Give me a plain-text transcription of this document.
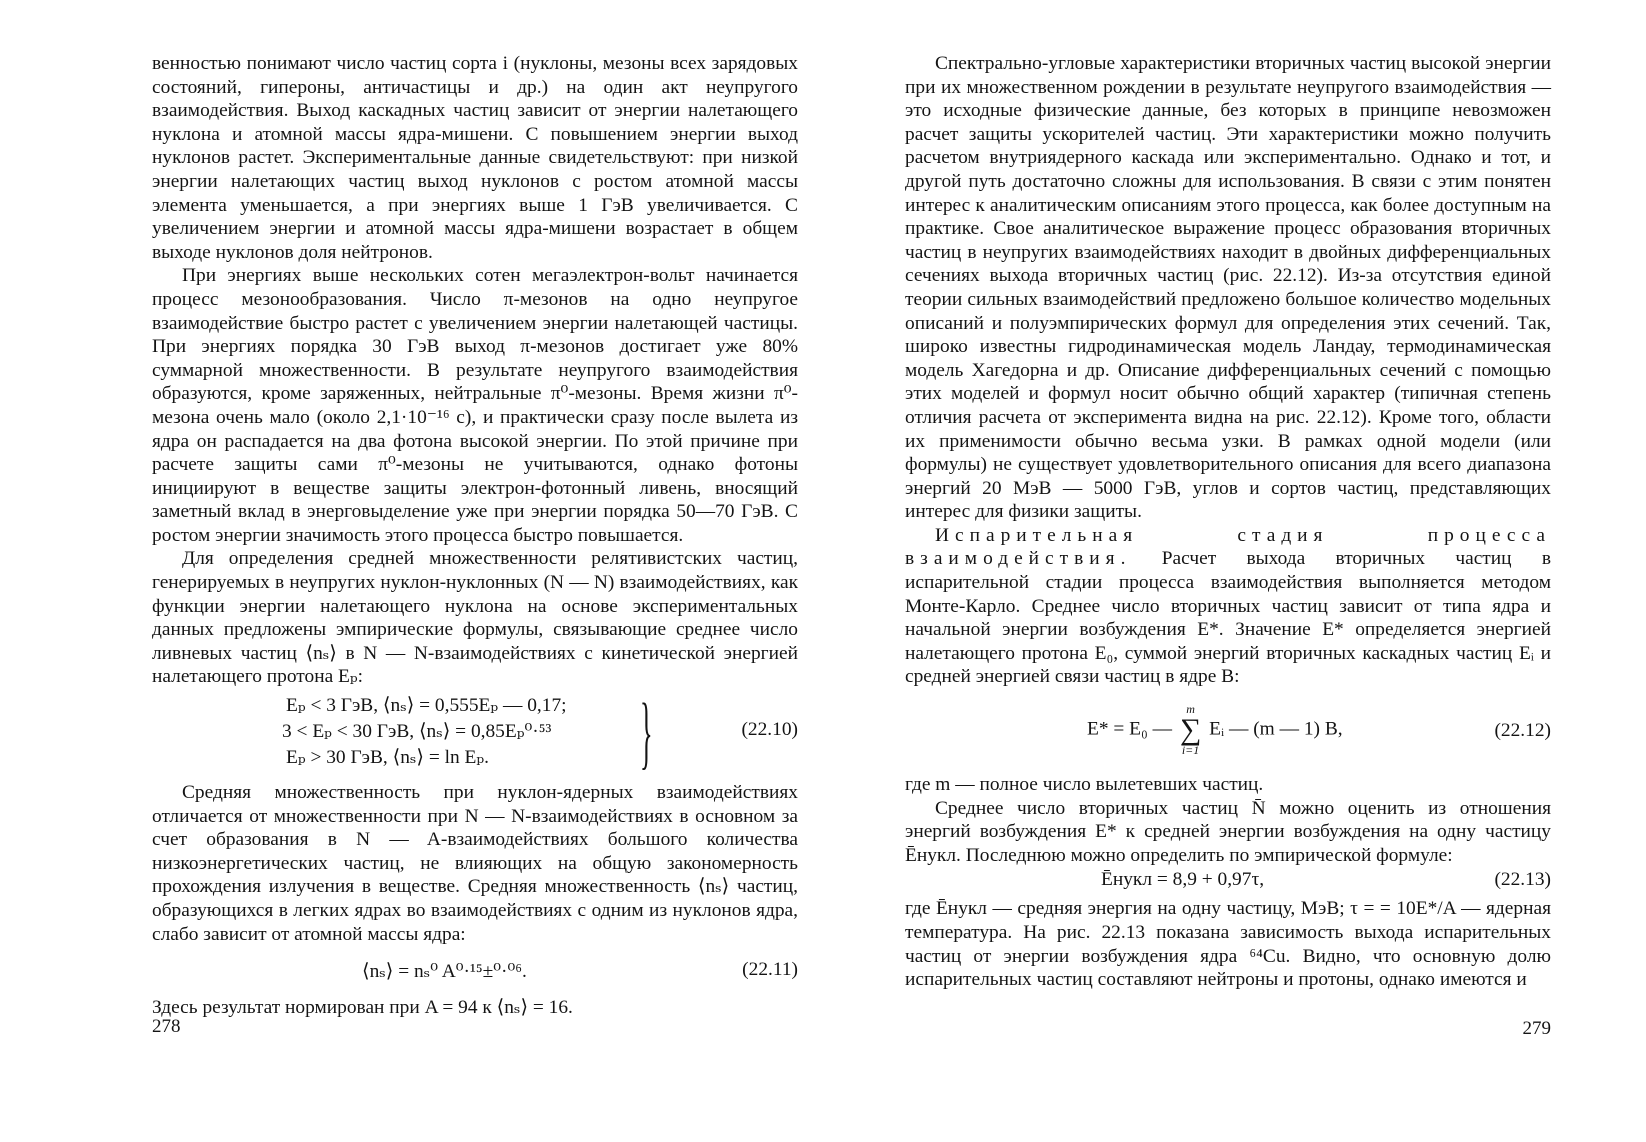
венностью понимают число частиц сорта i (нуклоны, мезоны всех зарядовых состояний, гипероны, античастицы и др.) на один акт неупругого взаимодействия. Выход каскадных частиц зависит от энергии налетающего нуклона и атомной массы ядра-мишени. С повышением энергии выход нуклонов растет. Экспериментальные данные свидетельствуют: при низкой энергии налетающих частиц выход нуклонов с ростом атомной массы элемента уменьшается, а при энергиях выше 1 ГэВ увеличивается. С увеличением энергии и атомной массы ядра-мишени возрастает в общем выходе нуклонов доля нейтронов.

При энергиях выше нескольких сотен мегаэлектрон-вольт начинается процесс мезонообразования. Число π-мезонов на одно неупругое взаимодействие быстро растет с увеличением энергии налетающей частицы. При энергиях порядка 30 ГэВ выход π-мезонов достигает уже 80% суммарной множественности. В результате неупругого взаимодействия образуются, кроме заряженных, нейтральные π⁰-мезоны. Время жизни π⁰-мезона очень мало (около 2,1·10⁻¹⁶ с), и практически сразу после вылета из ядра он распадается на два фотона высокой энергии. По этой причине при расчете защиты сами π⁰-мезоны не учитываются, однако фотоны инициируют в веществе защиты электрон-фотонный ливень, вносящий заметный вклад в энерговыделение уже при энергии порядка 50—70 ГэВ. С ростом энергии значимость этого процесса быстро повышается.

Для определения средней множественности релятивистских частиц, генерируемых в неупругих нуклон-нуклонных (N — N) взаимодействиях, как функции энергии налетающего нуклона на основе экспериментальных данных предложены эмпирические формулы, связывающие среднее число ливневых частиц ⟨nₛ⟩ в N — N-взаимодействиях с кинетической энергией налетающего протона Eₚ:

Eₚ < 3 ГэВ, ⟨nₛ⟩ = 0,555Eₚ — 0,17;
3 < Eₚ < 30 ГэВ, ⟨nₛ⟩ = 0,85Eₚ⁰·⁵³
Eₚ > 30 ГэВ, ⟨nₛ⟩ = ln Eₚ.	}	(22.10)

Средняя множественность при нуклон-ядерных взаимодействиях отличается от множественности при N — N-взаимодействиях в основном за счет образования в N — A-взаимодействиях большого количества низкоэнергетических частиц, не влияющих на общую закономерность прохождения излучения в веществе. Средняя множественность ⟨nₛ⟩ частиц, образующихся в легких ядрах во взаимодействиях с одним из нуклонов ядра, слабо зависит от атомной массы ядра:

⟨nₛ⟩ = nₛ⁰ A⁰·¹⁵±⁰·⁰⁶.	(22.11)

Здесь результат нормирован при A = 94 к ⟨nₛ⟩ = 16.

278

Спектрально-угловые характеристики вторичных частиц высокой энергии при их множественном рождении в результате неупругого взаимодействия — это исходные физические данные, без которых в принципе невозможен расчет защиты ускорителей частиц. Эти характеристики можно получить расчетом внутриядерного каскада или экспериментально. Однако и тот, и другой путь достаточно сложны для использования. В связи с этим понятен интерес к аналитическим описаниям этого процесса, как более доступным на практике. Свое аналитическое выражение процесс образования вторичных частиц в неупругих взаимодействиях находит в двойных дифференциальных сечениях выхода вторичных частиц (рис. 22.12). Из-за отсутствия единой теории сильных взаимодействий предложено большое количество модельных описаний и полуэмпирических формул для определения этих сечений. Так, широко известны гидродинамическая модель Ландау, термодинамическая модель Хагедорна и др. Описание дифференциальных сечений с помощью этих моделей и формул носит обычно общий характер (типичная степень отличия расчета от эксперимента видна на рис. 22.12). Кроме того, области их применимости обычно весьма узки. В рамках одной модели (или формулы) не существует удовлетворительного описания для всего диапазона энергий 20 МэВ — 5000 ГэВ, углов и сортов частиц, представляющих интерес для физики защиты.

Испарительная стадия процесса взаимодействия. Расчет выхода вторичных частиц в испарительной стадии процесса взаимодействия выполняется методом Монте-Карло. Среднее число вторичных частиц зависит от типа ядра и начальной энергии возбуждения E*. Значение E* определяется энергией налетающего протона E₀, суммой энергий вторичных каскадных частиц Eᵢ и средней энергией связи частиц в ядре B:

E* = E₀ —
m
∑
i=1
Eᵢ — (m — 1) B,	(22.12)

где m — полное число вылетевших частиц.

Среднее число вторичных частиц N̄ можно оценить из отношения энергий возбуждения E* к средней энергии возбуждения на одну частицу Ēнукл. Последнюю можно определить по эмпирической формуле:

Ēнукл = 8,9 + 0,97τ,	(22.13)

где Ēнукл — средняя энергия на одну частицу, МэВ; τ = = 10E*/A — ядерная температура. На рис. 22.13 показана зависимость выхода испарительных частиц от энергии возбуждения ядра ⁶⁴Cu. Видно, что основную долю испарительных частиц составляют нейтроны и протоны, однако имеются и

279
